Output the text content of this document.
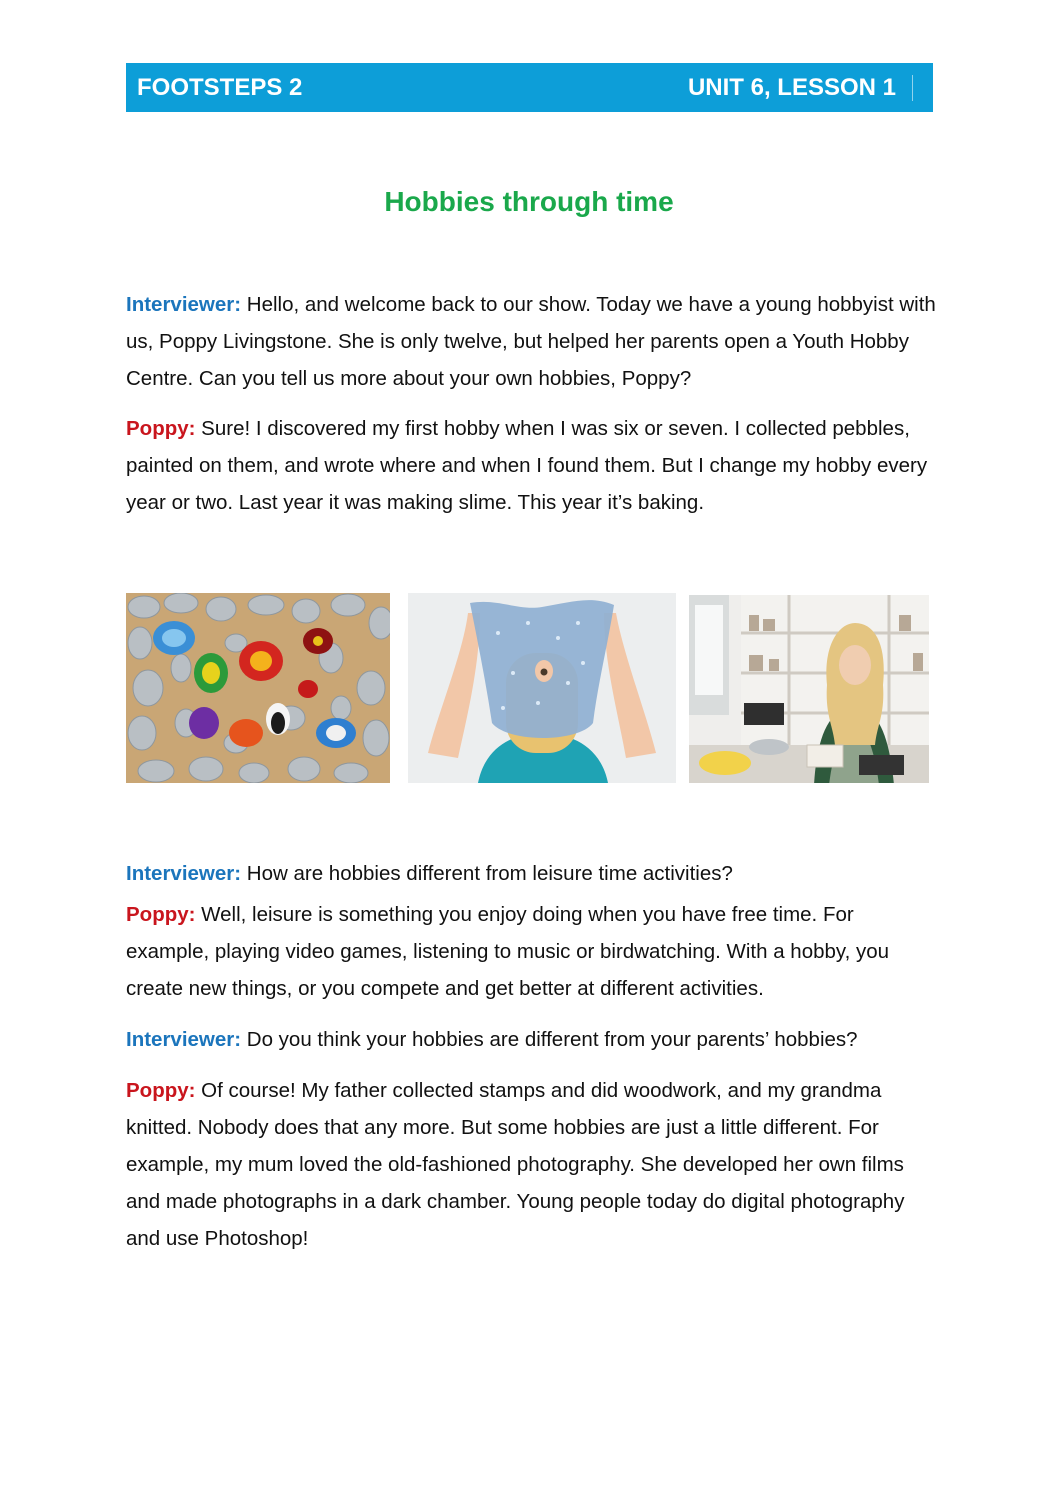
FOOTSTEPS 2	UNIT 6, LESSON 1
Hobbies through time
Interviewer: Hello, and welcome back to our show. Today we have a young hobbyist with us, Poppy Livingstone. She is only twelve, but helped her parents open a Youth Hobby Centre. Can you tell us more about your own hobbies, Poppy?
Poppy: Sure! I discovered my first hobby when I was six or seven. I collected pebbles, painted on them, and wrote where and when I found them. But I change my hobby every year or two. Last year it was making slime. This year it’s baking.
Interviewer: How are hobbies different from leisure time activities?
Poppy: Well, leisure is something you enjoy doing when you have free time. For example, playing video games, listening to music or birdwatching. With a hobby, you create new things, or you compete and get better at different activities.
Interviewer: Do you think your hobbies are different from your parents’ hobbies?
Poppy: Of course! My father collected stamps and did woodwork, and my grandma knitted. Nobody does that any more. But some hobbies are just a little different. For example, my mum loved the old-fashioned photography. She developed her own films and made photographs in a dark chamber. Young people today do digital photography and use Photoshop!
